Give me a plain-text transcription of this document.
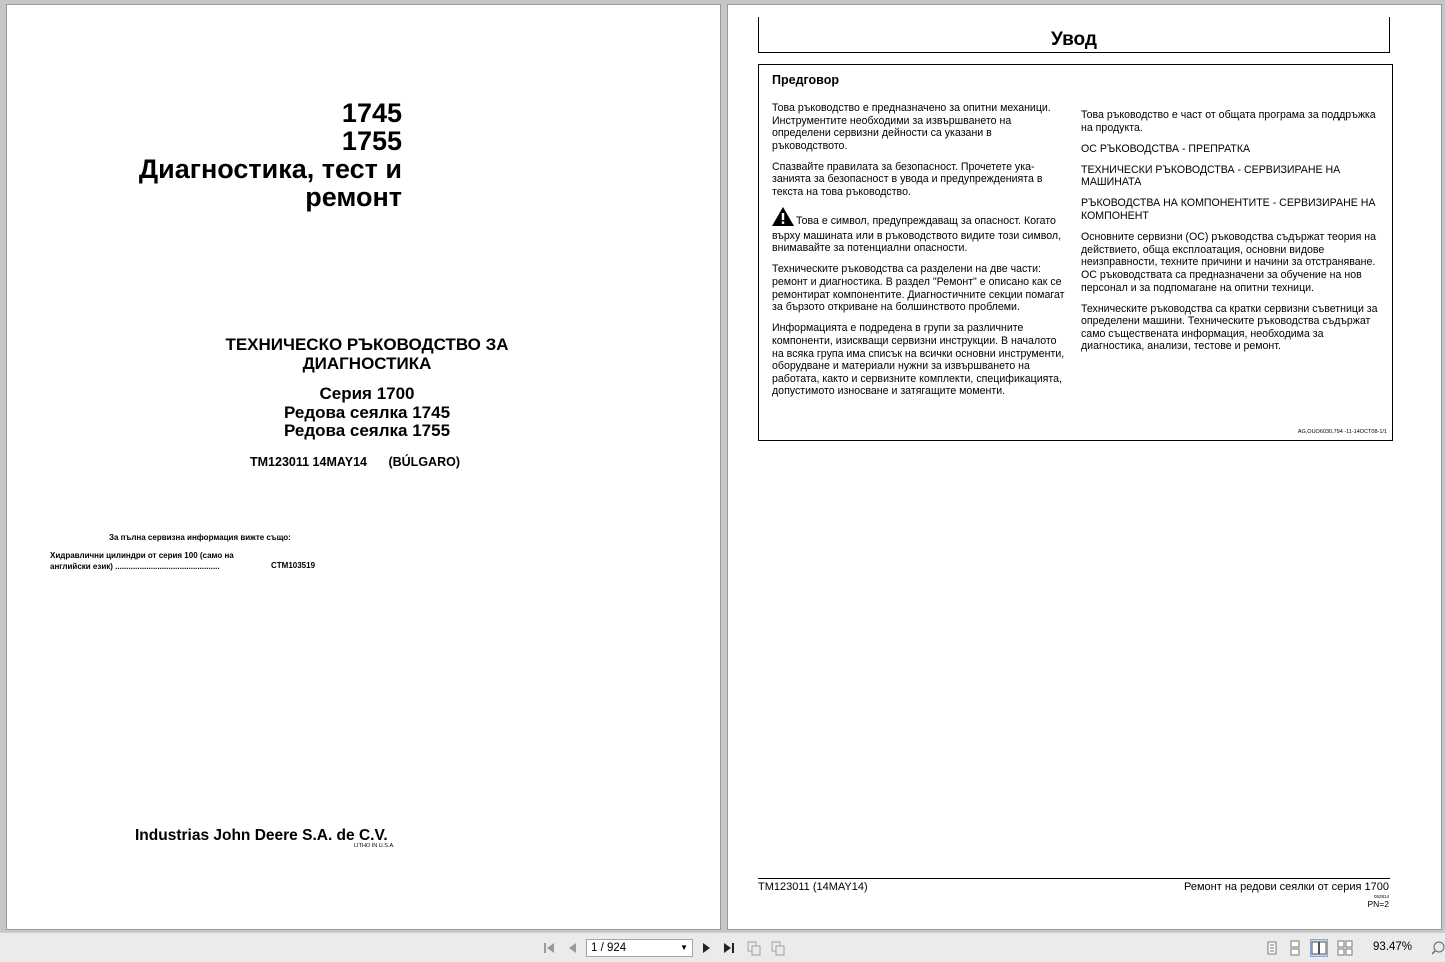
1745
1755
Диагностика, тест и ремонт
ТЕХНИЧЕСКО РЪКОВОДСТВО ЗА ДИАГНОСТИКА
Серия 1700
Редова сеялка 1745
Редова сеялка 1755
TM123011 14MAY14 (BÚLGARO)
За пълна сервизна информация вижте също:
Хидравлични цилиндри от серия 100 (само на английски език) ...............................................	CTM103519
Industrias John Deere S.A. de C.V.
LITHO IN U.S.A.
Увод
Предговор

Това ръководство е предназначено за опитни механици. Инструментите необходими за извършването на определени сервизни дейности са указани в ръководството.

Спазвайте правилата за безопасност. Прочетете ука-занията за безопасност в увода и предупрежденията в текста на това ръководство.

Това е символ, предупреждаващ за опасност. Когато върху машината или в ръководството видите този символ, внимавайте за потенциални опасности.

Техническите ръководства са разделени на две части: ремонт и диагностика. В раздел "Ремонт" е описано как се ремонтират компонентите. Диагностичните секции помагат за бързото откриване на болшинството проблеми.

Информацията е подредена в групи за различните компоненти, изискващи сервизни инструкции. В началото на всяка група има списък на всички основни инструменти, оборудване и материали нужни за извършването на работата, както и сервизните комплекти, спецификацията, допустимото износване и затягащите моменти.

Това ръководство е част от общата програма за поддръжка на продукта.

ОС РЪКОВОДСТВА - ПРЕПРАТКА

ТЕХНИЧЕСКИ РЪКОВОДСТВА - СЕРВИЗИРАНЕ НА МАШИНАТА

РЪКОВОДСТВА НА КОМПОНЕНТИТЕ - СЕРВИЗИРАНЕ НА КОМПОНЕНТ

Основните сервизни (ОС) ръководства съдържат теория на действието, обща експлоатация, основни видове неизправности, техните причини и начини за отстраняване. ОС ръководствата са предназначени за обучение на нов персонал и за подпомагане на опитни техници.

Техническите ръководства са кратки сервизни съветници за определени машини. Техническите ръководства съдържат само съществената информация, необходима за диагностика, анализи, тестове и ремонт.

AG,OUO6030,794 -11-14OCT08-1/1
TM123011 (14MAY14)	Ремонт на редови сеялки от серия 1700
052814
PN=2
1 / 924	▼	93.47%
